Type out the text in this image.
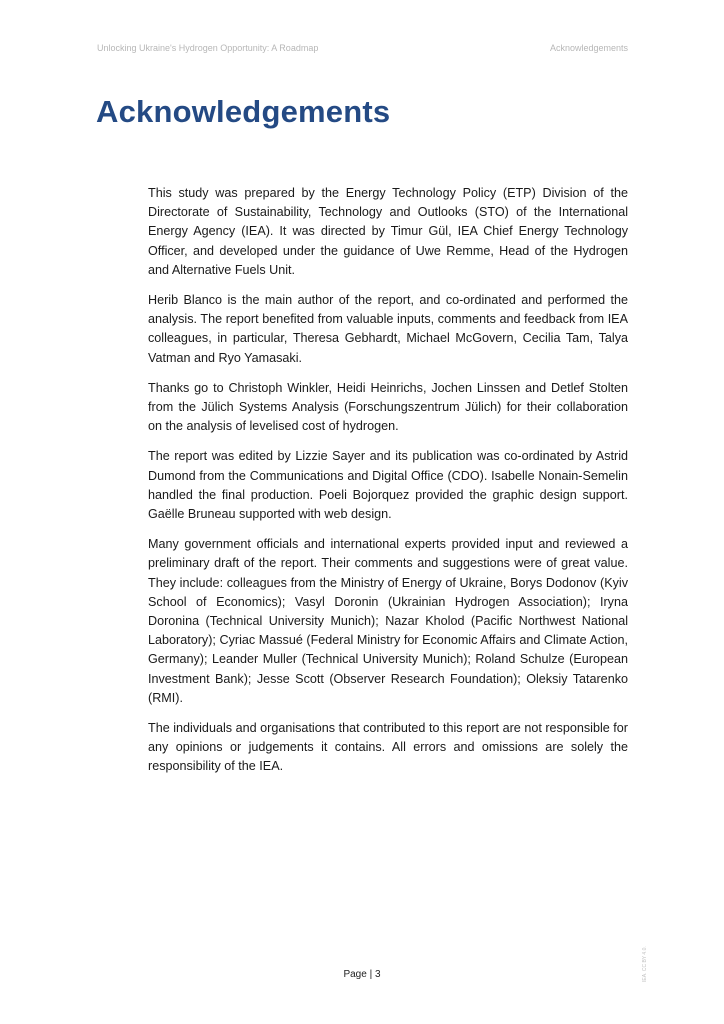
Unlocking Ukraine's Hydrogen Opportunity: A Roadmap	Acknowledgements
Acknowledgements

This study was prepared by the Energy Technology Policy (ETP) Division of the Directorate of Sustainability, Technology and Outlooks (STO) of the International Energy Agency (IEA). It was directed by Timur Gül, IEA Chief Energy Technology Officer, and developed under the guidance of Uwe Remme, Head of the Hydrogen and Alternative Fuels Unit.

Herib Blanco is the main author of the report, and co-ordinated and performed the analysis. The report benefited from valuable inputs, comments and feedback from IEA colleagues, in particular, Theresa Gebhardt, Michael McGovern, Cecilia Tam, Talya Vatman and Ryo Yamasaki.

Thanks go to Christoph Winkler, Heidi Heinrichs, Jochen Linssen and Detlef Stolten from the Jülich Systems Analysis (Forschungszentrum Jülich) for their collaboration on the analysis of levelised cost of hydrogen.

The report was edited by Lizzie Sayer and its publication was co-ordinated by Astrid Dumond from the Communications and Digital Office (CDO). Isabelle Nonain-Semelin handled the final production. Poeli Bojorquez provided the graphic design support. Gaëlle Bruneau supported with web design.

Many government officials and international experts provided input and reviewed a preliminary draft of the report. Their comments and suggestions were of great value. They include: colleagues from the Ministry of Energy of Ukraine, Borys Dodonov (Kyiv School of Economics); Vasyl Doronin (Ukrainian Hydrogen Association); Iryna Doronina (Technical University Munich); Nazar Kholod (Pacific Northwest National Laboratory); Cyriac Massué (Federal Ministry for Economic Affairs and Climate Action, Germany); Leander Muller (Technical University Munich); Roland Schulze (European Investment Bank); Jesse Scott (Observer Research Foundation); Oleksiy Tatarenko (RMI).

The individuals and organisations that contributed to this report are not responsible for any opinions or judgements it contains. All errors and omissions are solely the responsibility of the IEA.

Page | 3	IEA. CC BY 4.0.
